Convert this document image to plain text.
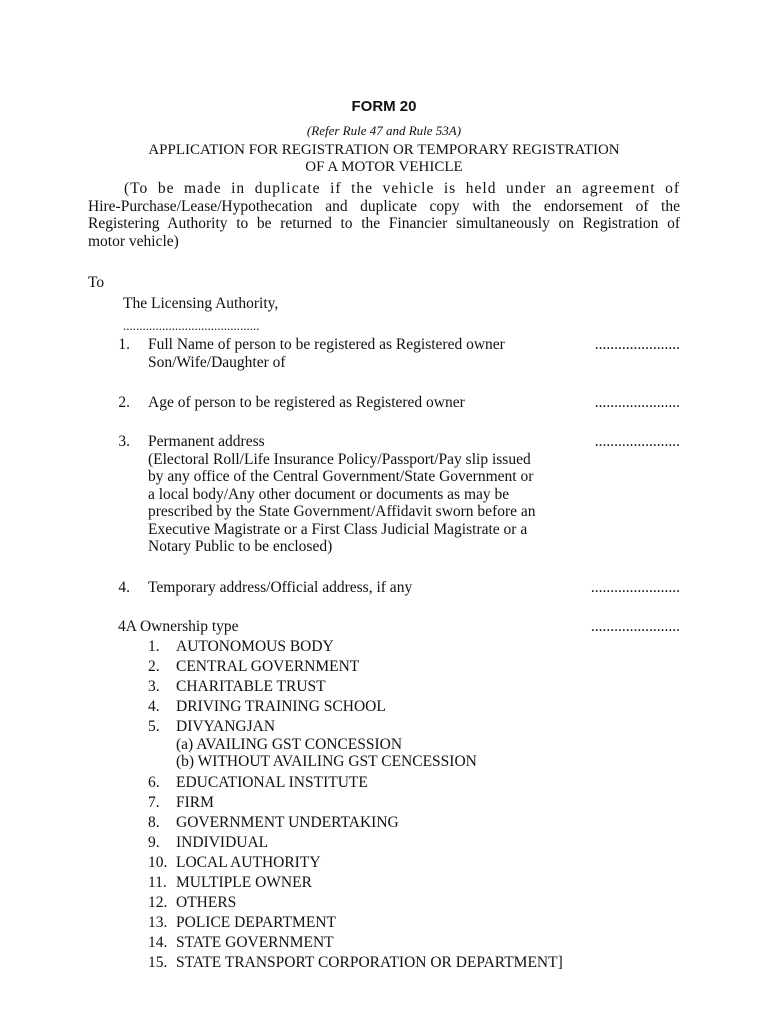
FORM 20
(Refer Rule 47 and Rule 53A)
APPLICATION FOR REGISTRATION OR TEMPORARY REGISTRATION
OF A MOTOR VEHICLE
(To be made in duplicate if the vehicle is held under an agreement of
Hire-Purchase/Lease/Hypothecation and duplicate copy with the endorsement of the
Registering Authority to be returned to the Financier simultaneously on Registration of
motor vehicle)
To
The Licensing Authority,
..........................................
1. Full Name of person to be registered as Registered owner
Son/Wife/Daughter of
......................
2. Age of person to be registered as Registered owner	......................
3. Permanent address
(Electoral Roll/Life Insurance Policy/Passport/Pay slip issued
by any office of the Central Government/State Government or
a local body/Any other document or documents as may be
prescribed by the State Government/Affidavit sworn before an
Executive Magistrate or a First Class Judicial Magistrate or a
Notary Public to be enclosed)
......................
4. Temporary address/Official address, if any	.......................
4A Ownership type	.......................
1. AUTONOMOUS BODY
2. CENTRAL GOVERNMENT
3. CHARITABLE TRUST
4. DRIVING TRAINING SCHOOL
5. DIVYANGJAN
(a) AVAILING GST CONCESSION
(b) WITHOUT AVAILING GST CENCESSION
6. EDUCATIONAL INSTITUTE
7. FIRM
8. GOVERNMENT UNDERTAKING
9. INDIVIDUAL
10. LOCAL AUTHORITY
11. MULTIPLE OWNER
12. OTHERS
13. POLICE DEPARTMENT
14. STATE GOVERNMENT
15. STATE TRANSPORT CORPORATION OR DEPARTMENT]
